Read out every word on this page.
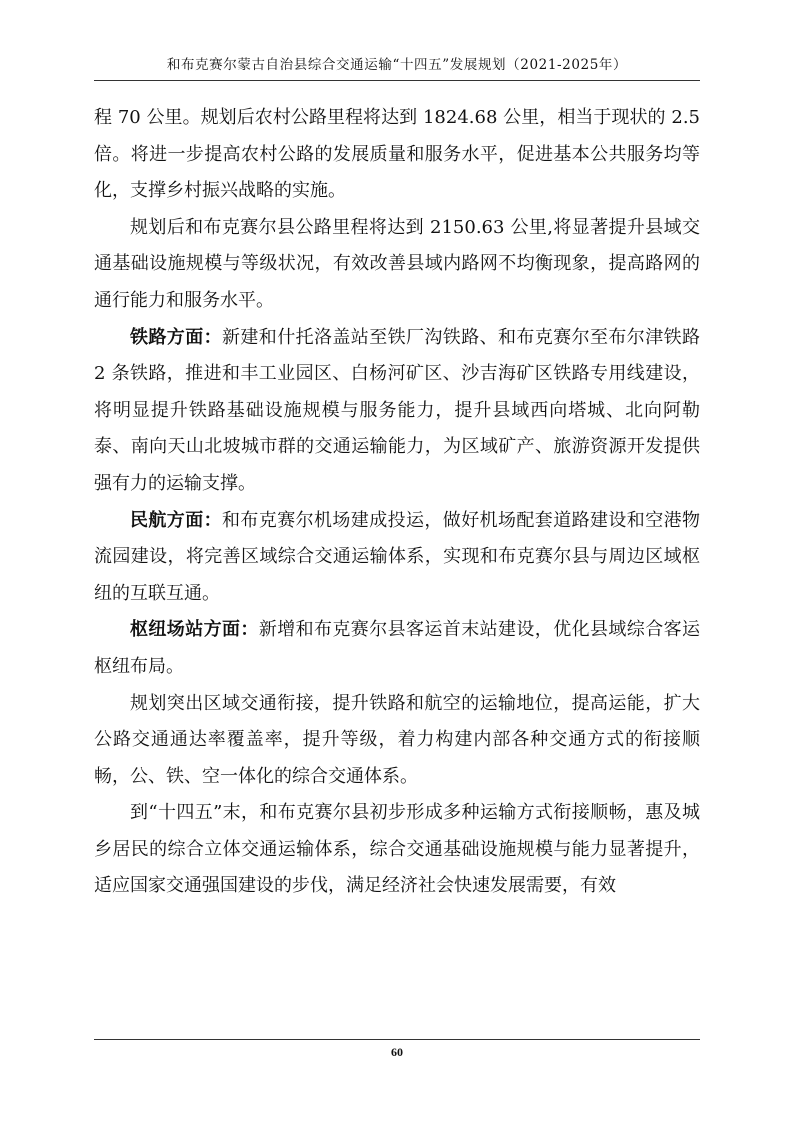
和布克赛尔蒙古自治县综合交通运输“十四五”发展规划（2021-2025年）

程 70 公里。规划后农村公路里程将达到 1824.68 公里，相当于现状的 2.5 倍。将进一步提高农村公路的发展质量和服务水平，促进基本公共服务均等化，支撑乡村振兴战略的实施。

规划后和布克赛尔县公路里程将达到 2150.63 公里,将显著提升县域交通基础设施规模与等级状况，有效改善县域内路网不均衡现象，提高路网的通行能力和服务水平。

铁路方面：新建和什托洛盖站至铁厂沟铁路、和布克赛尔至布尔津铁路 2 条铁路，推进和丰工业园区、白杨河矿区、沙吉海矿区铁路专用线建设，将明显提升铁路基础设施规模与服务能力，提升县域西向塔城、北向阿勒泰、南向天山北坡城市群的交通运输能力，为区域矿产、旅游资源开发提供强有力的运输支撑。

民航方面：和布克赛尔机场建成投运，做好机场配套道路建设和空港物流园建设，将完善区域综合交通运输体系，实现和布克赛尔县与周边区域枢纽的互联互通。

枢纽场站方面：新增和布克赛尔县客运首末站建设，优化县域综合客运枢纽布局。

规划突出区域交通衔接，提升铁路和航空的运输地位，提高运能，扩大公路交通通达率覆盖率，提升等级，着力构建内部各种交通方式的衔接顺畅，公、铁、空一体化的综合交通体系。

到“十四五”末，和布克赛尔县初步形成多种运输方式衔接顺畅，惠及城乡居民的综合立体交通运输体系，综合交通基础设施规模与能力显著提升，适应国家交通强国建设的步伐，满足经济社会快速发展需要，有效

60
